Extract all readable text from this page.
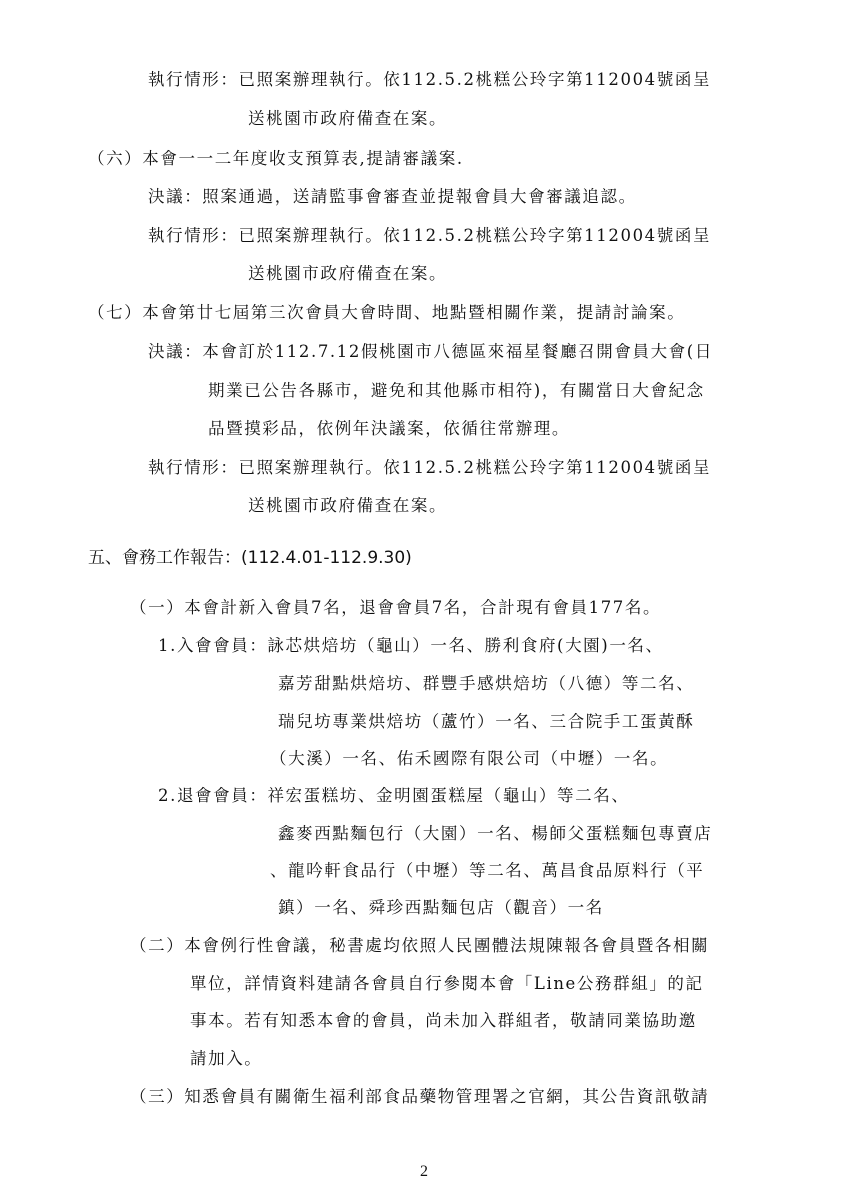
執行情形：已照案辦理執行。依112.5.2桃糕公玲字第112004號函呈
送桃園市政府備查在案。
（六）本會一一二年度收支預算表,提請審議案.
決議：照案通過，送請監事會審查並提報會員大會審議追認。
執行情形：已照案辦理執行。依112.5.2桃糕公玲字第112004號函呈
送桃園市政府備查在案。
（七）本會第廿七屆第三次會員大會時間、地點暨相關作業，提請討論案。
決議：本會訂於112.7.12假桃園市八德區來福星餐廳召開會員大會(日
期業已公告各縣市，避免和其他縣市相符)，有關當日大會紀念
品暨摸彩品，依例年決議案，依循往常辦理。
執行情形：已照案辦理執行。依112.5.2桃糕公玲字第112004號函呈
送桃園市政府備查在案。
五、會務工作報告：(112.4.01-112.9.30)
（一）本會計新入會員7名，退會會員7名，合計現有會員177名。
1.入會會員：詠芯烘焙坊（龜山）一名、勝利食府(大園)一名、
嘉芳甜點烘焙坊、群豐手感烘焙坊（八德）等二名、
瑞兒坊專業烘焙坊（蘆竹）一名、三合院手工蛋黃酥
（大溪）一名、佑禾國際有限公司（中壢）一名。
2.退會會員：祥宏蛋糕坊、金明園蛋糕屋（龜山）等二名、
鑫麥西點麵包行（大園）一名、楊師父蛋糕麵包專賣店
、龍吟軒食品行（中壢）等二名、萬昌食品原料行（平
鎮）一名、舜珍西點麵包店（觀音）一名
（二）本會例行性會議，秘書處均依照人民團體法規陳報各會員暨各相關
單位，詳情資料建請各會員自行參閱本會「Line公務群組」的記
事本。若有知悉本會的會員，尚未加入群組者，敬請同業協助邀
請加入。
（三）知悉會員有關衛生福利部食品藥物管理署之官網，其公告資訊敬請
2
